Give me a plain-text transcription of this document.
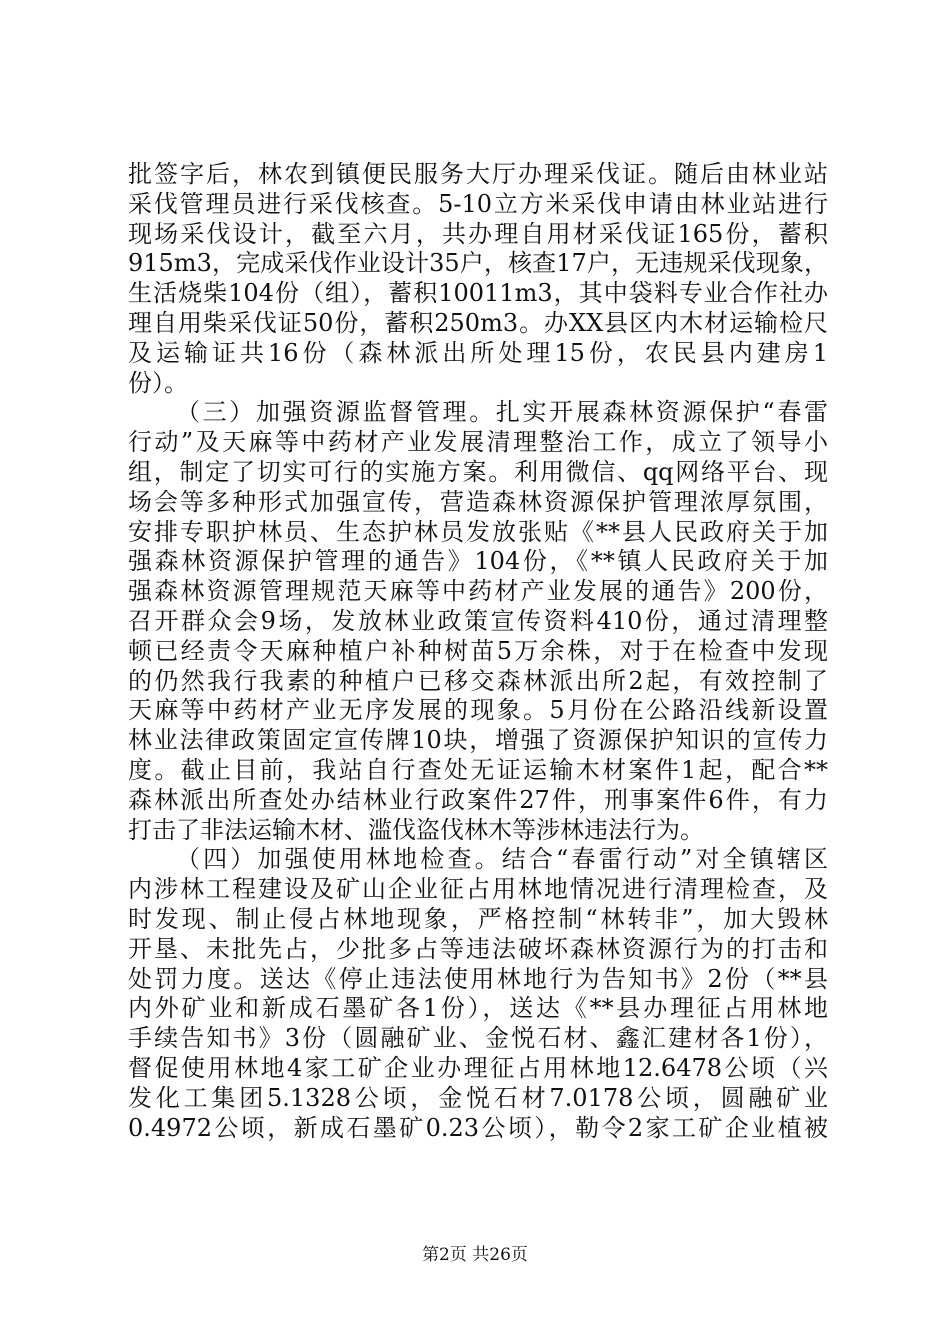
批签字后，林农到镇便民服务大厅办理采伐证。随后由林业站
采伐管理员进行采伐核查。5-10立方米采伐申请由林业站进行
现场采伐设计，截至六月，共办理自用材采伐证165份，蓄积
915m3，完成采伐作业设计35户，核查17户，无违规采伐现象，
生活烧柴104份（组），蓄积10011m3，其中袋料专业合作社办
理自用柴采伐证50份，蓄积250m3。办XX县区内木材运输检尺
及运输证共16份（森林派出所处理15份，农民县内建房1
份）。
（三）加强资源监督管理。扎实开展森林资源保护“春雷
行动”及天麻等中药材产业发展清理整治工作，成立了领导小
组，制定了切实可行的实施方案。利用微信、qq网络平台、现
场会等多种形式加强宣传，营造森林资源保护管理浓厚氛围，
安排专职护林员、生态护林员发放张贴《**县人民政府关于加
强森林资源保护管理的通告》104份，《**镇人民政府关于加
强森林资源管理规范天麻等中药材产业发展的通告》200份，
召开群众会9场，发放林业政策宣传资料410份，通过清理整
顿已经责令天麻种植户补种树苗5万余株，对于在检查中发现
的仍然我行我素的种植户已移交森林派出所2起，有效控制了
天麻等中药材产业无序发展的现象。5月份在公路沿线新设置
林业法律政策固定宣传牌10块，增强了资源保护知识的宣传力
度。截止目前，我站自行查处无证运输木材案件1起，配合**
森林派出所查处办结林业行政案件27件，刑事案件6件，有力
打击了非法运输木材、滥伐盗伐林木等涉林违法行为。
（四）加强使用林地检查。结合“春雷行动”对全镇辖区
内涉林工程建设及矿山企业征占用林地情况进行清理检查，及
时发现、制止侵占林地现象，严格控制“林转非”，加大毁林
开垦、未批先占，少批多占等违法破坏森林资源行为的打击和
处罚力度。送达《停止违法使用林地行为告知书》2份（**县
内外矿业和新成石墨矿各1份），送达《**县办理征占用林地
手续告知书》3份（圆融矿业、金悦石材、鑫汇建材各1份），
督促使用林地4家工矿企业办理征占用林地12.6478公顷（兴
发化工集团5.1328公顷，金悦石材7.0178公顷，圆融矿业
0.4972公顷，新成石墨矿0.23公顷），勒令2家工矿企业植被
第2页 共26页
